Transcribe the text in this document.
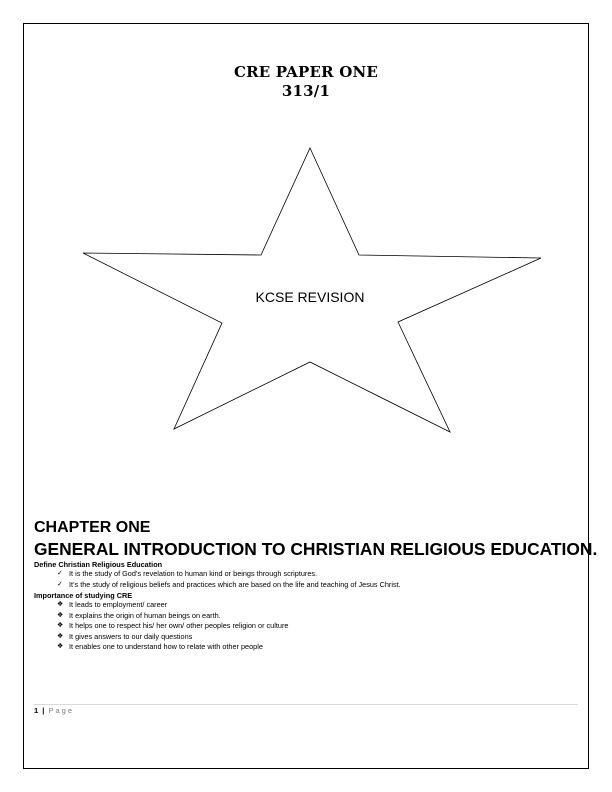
CRE PAPER ONE
313/1
KCSE REVISION
CHAPTER ONE
GENERAL INTRODUCTION TO CHRISTIAN RELIGIOUS EDUCATION.
Define Christian Religious Education
✓ It is the study of God’s revelation to human kind or beings through scriptures.
✓ It’s the study of religious beliefs and practices which are based on the life and teaching of Jesus Christ.
Importance of studying CRE
❖ It leads to employment/ career
❖ It explains the origin of human beings on earth.
❖ It helps one to respect his/ her own/ other peoples religion or culture
❖ It gives answers to our daily questions
❖ It enables one to understand how to relate with other people
1 | Page
